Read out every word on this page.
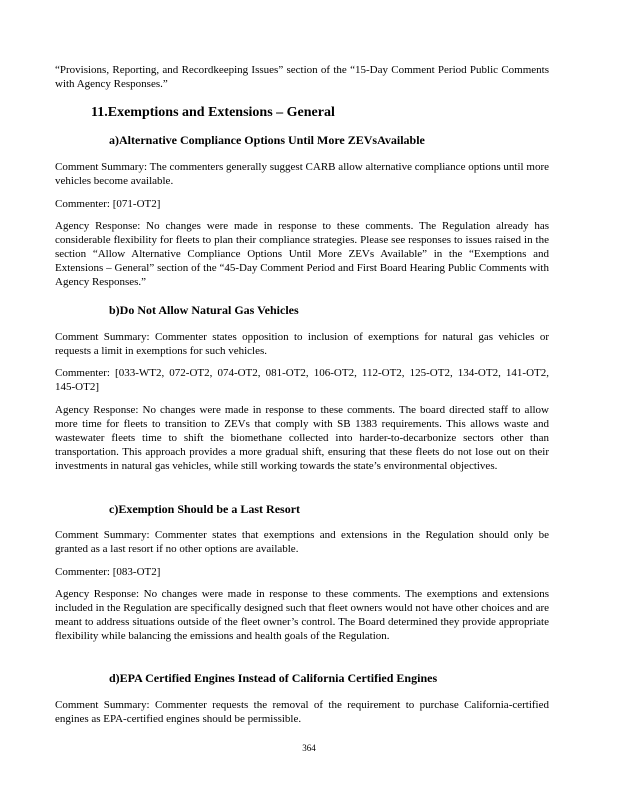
“Provisions, Reporting, and Recordkeeping Issues” section of the “15-Day Comment Period Public Comments with Agency Responses.”

11.Exemptions and Extensions – General
a)Alternative Compliance Options Until More ZEVsAvailable

Comment Summary: The commenters generally suggest CARB allow alternative compliance options until more vehicles become available.

Commenter: [071-OT2]

Agency Response: No changes were made in response to these comments. The Regulation already has considerable flexibility for fleets to plan their compliance strategies. Please see responses to issues raised in the section “Allow Alternative Compliance Options Until More ZEVs Available” in the “Exemptions and Extensions – General” section of the “45-Day Comment Period and First Board Hearing Public Comments with Agency Responses.”

b)Do Not Allow Natural Gas Vehicles

Comment Summary: Commenter states opposition to inclusion of exemptions for natural gas vehicles or requests a limit in exemptions for such vehicles.

Commenter: [033-WT2, 072-OT2, 074-OT2, 081-OT2, 106-OT2, 112-OT2, 125-OT2, 134-OT2, 141-OT2, 145-OT2]

Agency Response: No changes were made in response to these comments. The board directed staff to allow more time for fleets to transition to ZEVs that comply with SB 1383 requirements. This allows waste and wastewater fleets time to shift the biomethane collected into harder-to-decarbonize sectors other than transportation. This approach provides a more gradual shift, ensuring that these fleets do not lose out on their investments in natural gas vehicles, while still working towards the state’s environmental objectives.

c)Exemption Should be a Last Resort

Comment Summary: Commenter states that exemptions and extensions in the Regulation should only be granted as a last resort if no other options are available.

Commenter: [083-OT2]

Agency Response: No changes were made in response to these comments. The exemptions and extensions included in the Regulation are specifically designed such that fleet owners would not have other choices and are meant to address situations outside of the fleet owner’s control. The Board determined they provide appropriate flexibility while balancing the emissions and health goals of the Regulation.

d)EPA Certified Engines Instead of California Certified Engines

Comment Summary: Commenter requests the removal of the requirement to purchase California-certified engines as EPA-certified engines should be permissible.

364
